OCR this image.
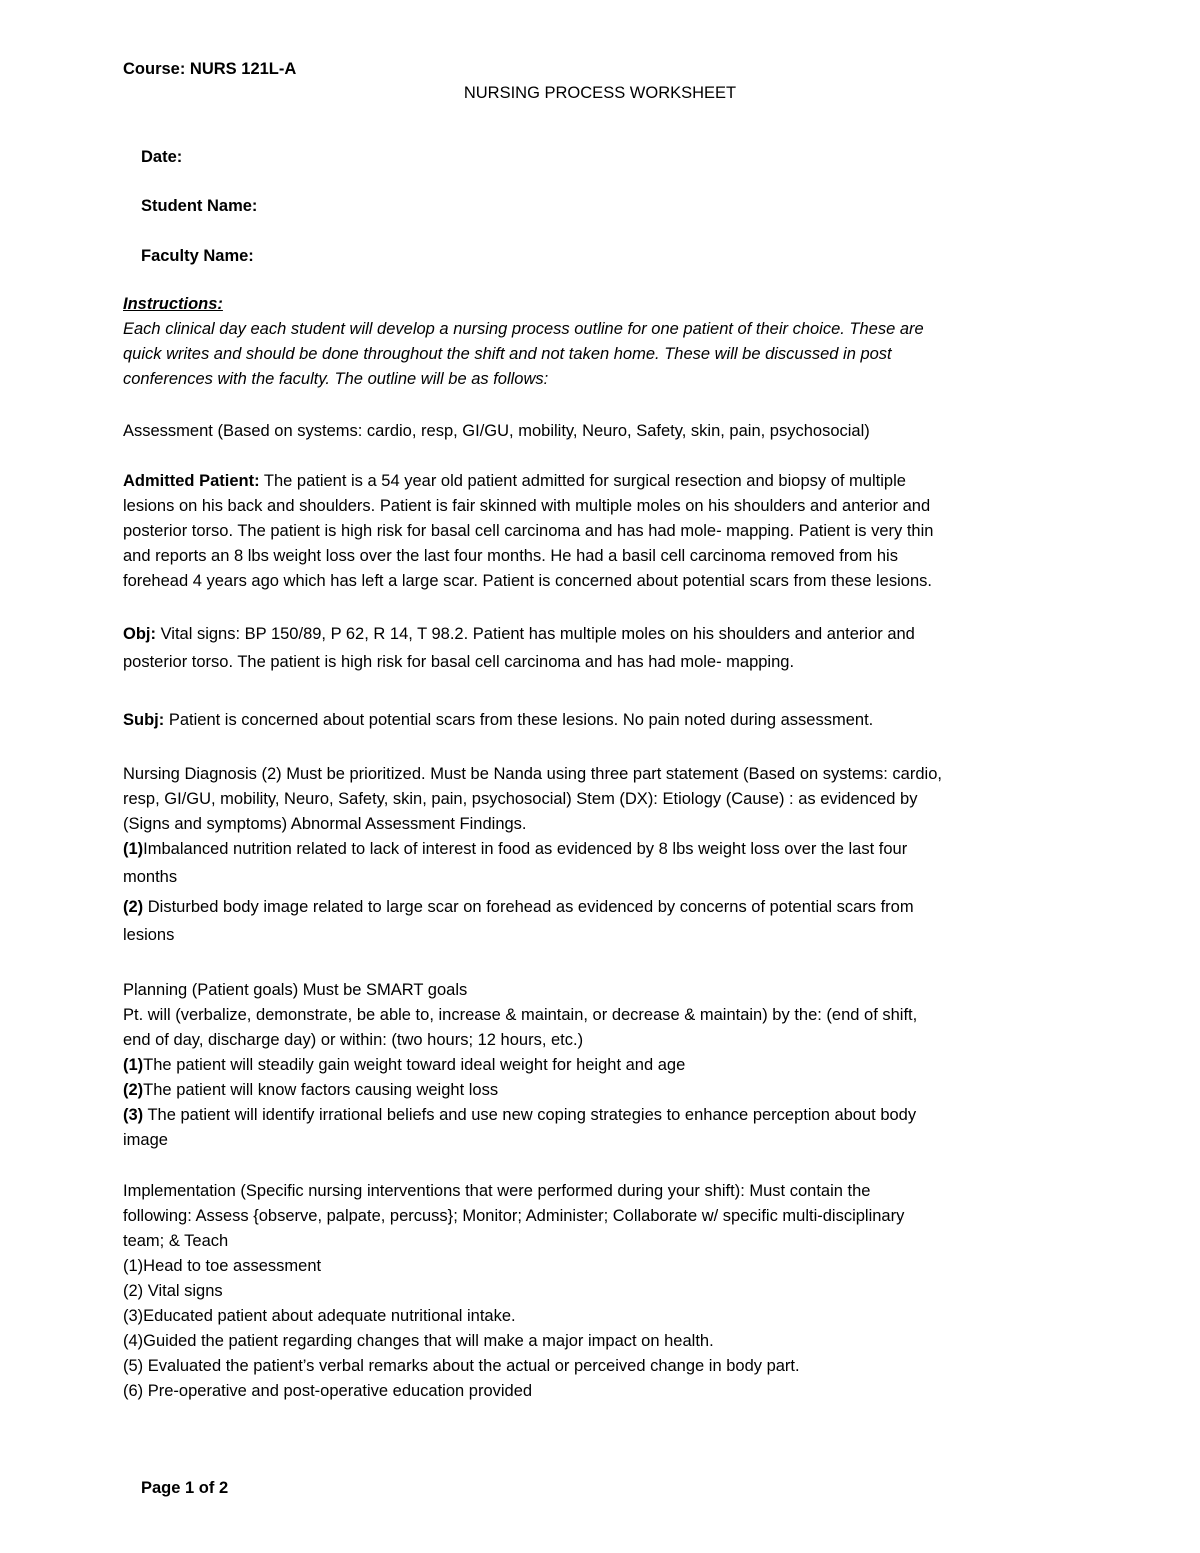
Course: NURS 121L-A
NURSING PROCESS WORKSHEET
Date:
Student Name:
Faculty Name:
Instructions:
Each clinical day each student will develop a nursing process outline for one patient of their choice. These are
quick writes and should be done throughout the shift and not taken home. These will be discussed in post
conferences with the faculty. The outline will be as follows:
Assessment (Based on systems: cardio, resp, GI/GU, mobility, Neuro, Safety, skin, pain, psychosocial)
Admitted Patient: The patient is a 54 year old patient admitted for surgical resection and biopsy of multiple
lesions on his back and shoulders. Patient is fair skinned with multiple moles on his shoulders and anterior and
posterior torso. The patient is high risk for basal cell carcinoma and has had mole- mapping. Patient is very thin
and reports an 8 lbs weight loss over the last four months. He had a basil cell carcinoma removed from his
forehead 4 years ago which has left a large scar. Patient is concerned about potential scars from these lesions.
Obj: Vital signs: BP 150/89, P 62, R 14, T 98.2. Patient has multiple moles on his shoulders and anterior and
posterior torso. The patient is high risk for basal cell carcinoma and has had mole- mapping.
Subj: Patient is concerned about potential scars from these lesions. No pain noted during assessment.
Nursing Diagnosis (2) Must be prioritized. Must be Nanda using three part statement (Based on systems: cardio,
resp, GI/GU, mobility, Neuro, Safety, skin, pain, psychosocial) Stem (DX): Etiology (Cause) : as evidenced by
(Signs and symptoms) Abnormal Assessment Findings.
(1)Imbalanced nutrition related to lack of interest in food as evidenced by 8 lbs weight loss over the last four
months
(2) Disturbed body image related to large scar on forehead as evidenced by concerns of potential scars from
lesions
Planning (Patient goals) Must be SMART goals
Pt. will (verbalize, demonstrate, be able to, increase & maintain, or decrease & maintain) by the: (end of shift,
end of day, discharge day) or within: (two hours; 12 hours, etc.)
(1)The patient will steadily gain weight toward ideal weight for height and age
(2)The patient will know factors causing weight loss
(3) The patient will identify irrational beliefs and use new coping strategies to enhance perception about body
image
Implementation (Specific nursing interventions that were performed during your shift): Must contain the
following: Assess {observe, palpate, percuss}; Monitor; Administer; Collaborate w/ specific multi-disciplinary
team; & Teach
(1)Head to toe assessment
(2) Vital signs
(3)Educated patient about adequate nutritional intake.
(4)Guided the patient regarding changes that will make a major impact on health.
(5) Evaluated the patient’s verbal remarks about the actual or perceived change in body part.
(6) Pre-operative and post-operative education provided
Page 1 of 2
